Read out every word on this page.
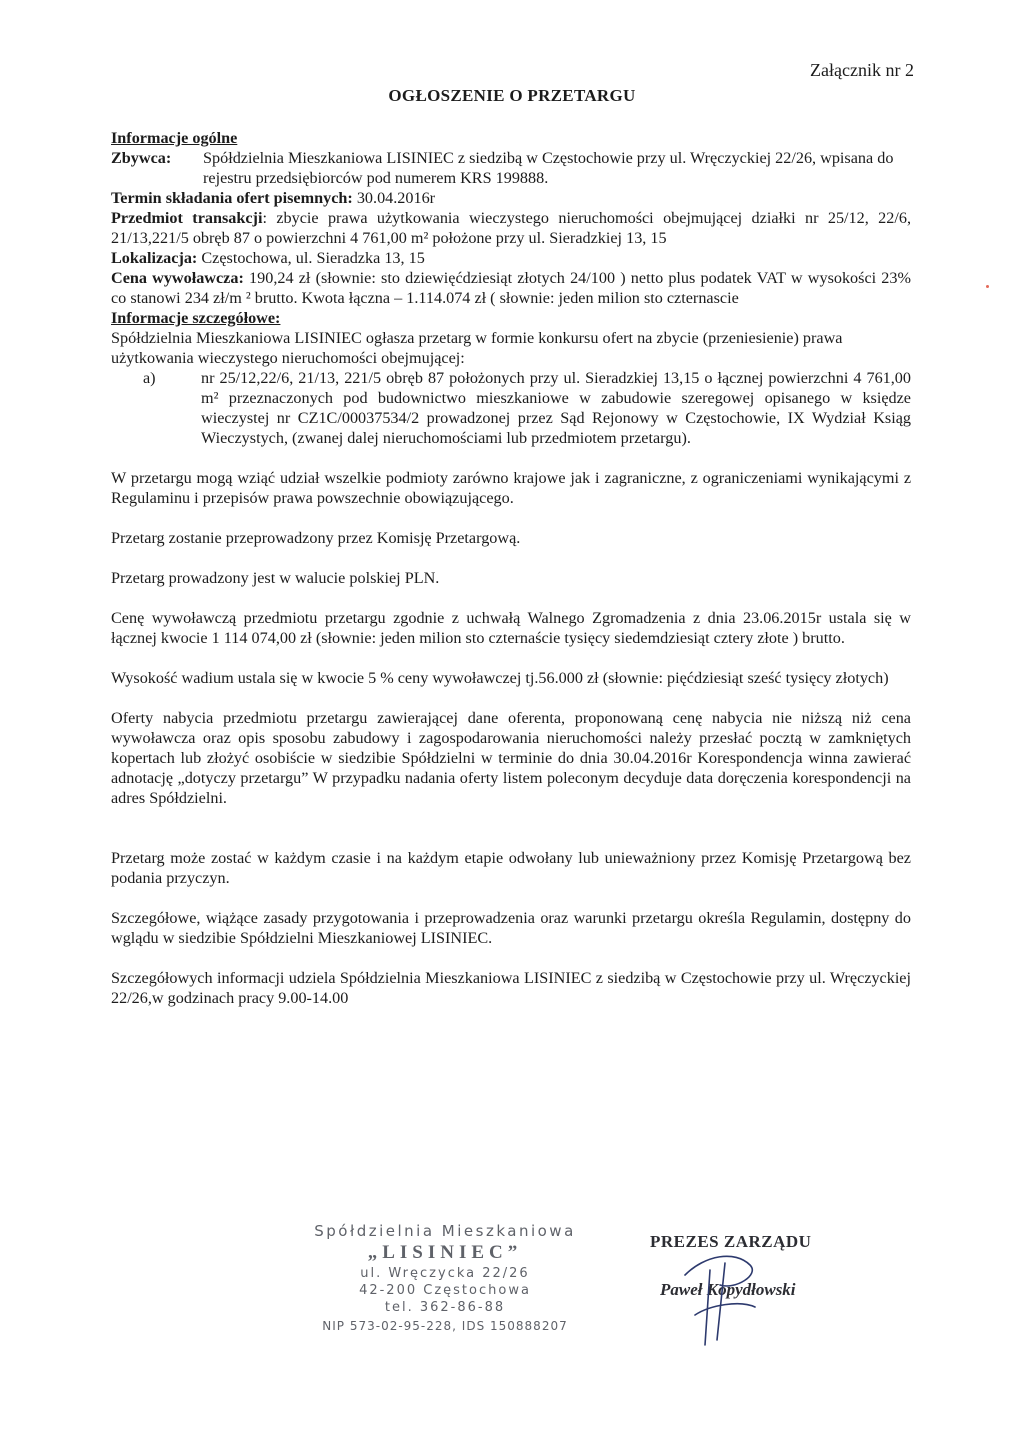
Załącznik nr 2
OGŁOSZENIE O PRZETARGU
Informacje ogólne
Zbywca:	Spółdzielnia Mieszkaniowa LISINIEC z siedzibą w Częstochowie przy ul. Wręczyckiej 22/26, wpisana do rejestru przedsiębiorców pod numerem KRS 199888.
Termin składania ofert pisemnych: 30.04.2016r
Przedmiot transakcji: zbycie prawa użytkowania wieczystego nieruchomości obejmującej działki nr 25/12, 22/6, 21/13,221/5 obręb 87 o powierzchni 4 761,00 m² położone przy ul. Sieradzkiej 13, 15
Lokalizacja: Częstochowa, ul. Sieradzka 13, 15
Cena wywoławcza: 190,24 zł (słownie: sto dziewięćdziesiąt złotych 24/100 ) netto plus podatek VAT w wysokości 23% co stanowi 234 zł/m ² brutto. Kwota łączna – 1.114.074 zł ( słownie: jeden milion sto czternascie
Informacje szczegółowe:
Spółdzielnia Mieszkaniowa LISINIEC ogłasza przetarg w formie konkursu ofert na zbycie (przeniesienie) prawa użytkowania wieczystego nieruchomości obejmującej:
a)	nr 25/12,22/6, 21/13, 221/5 obręb 87 położonych przy ul. Sieradzkiej 13,15 o łącznej powierzchni 4 761,00 m² przeznaczonych pod budownictwo mieszkaniowe w zabudowie szeregowej opisanego w księdze wieczystej nr CZ1C/00037534/2 prowadzonej przez Sąd Rejonowy w Częstochowie, IX Wydział Ksiąg Wieczystych, (zwanej dalej nieruchomościami lub przedmiotem przetargu).
W przetargu mogą wziąć udział wszelkie podmioty zarówno krajowe jak i zagraniczne, z ograniczeniami wynikającymi z Regulaminu i przepisów prawa powszechnie obowiązującego.
Przetarg zostanie przeprowadzony przez Komisję Przetargową.
Przetarg prowadzony jest w walucie polskiej PLN.
Cenę wywoławczą przedmiotu przetargu zgodnie z uchwałą Walnego Zgromadzenia z dnia 23.06.2015r ustala się w łącznej kwocie 1 114 074,00 zł (słownie: jeden milion sto czternaście tysięcy siedemdziesiąt cztery złote ) brutto.
Wysokość wadium ustala się w kwocie 5 % ceny wywoławczej tj.56.000 zł (słownie: pięćdziesiąt sześć tysięcy złotych)
Oferty nabycia przedmiotu przetargu zawierającej dane oferenta, proponowaną cenę nabycia nie niższą niż cena wywoławcza oraz opis sposobu zabudowy i zagospodarowania nieruchomości należy przesłać pocztą w zamkniętych kopertach lub złożyć osobiście w siedzibie Spółdzielni w terminie do dnia 30.04.2016r Korespondencja winna zawierać adnotację „dotyczy przetargu” W przypadku nadania oferty listem poleconym decyduje data doręczenia korespondencji na adres Spółdzielni.
Przetarg może zostać w każdym czasie i na każdym etapie odwołany lub unieważniony przez Komisję Przetargową bez podania przyczyn.
Szczegółowe, wiążące zasady przygotowania i przeprowadzenia oraz warunki przetargu określa Regulamin, dostępny do wglądu w siedzibie Spółdzielni Mieszkaniowej LISINIEC.
Szczegółowych informacji udziela Spółdzielnia Mieszkaniowa LISINIEC z siedzibą w Częstochowie przy ul. Wręczyckiej 22/26,w godzinach pracy 9.00-14.00
Spółdzielnia Mieszkaniowa
„LISINIEC”
ul. Wręczycka 22/26
42-200 Częstochowa
tel. 362-86-88
NIP 573-02-95-228, IDS 150888207
PREZES ZARZĄDU
Paweł Kopydłowski
